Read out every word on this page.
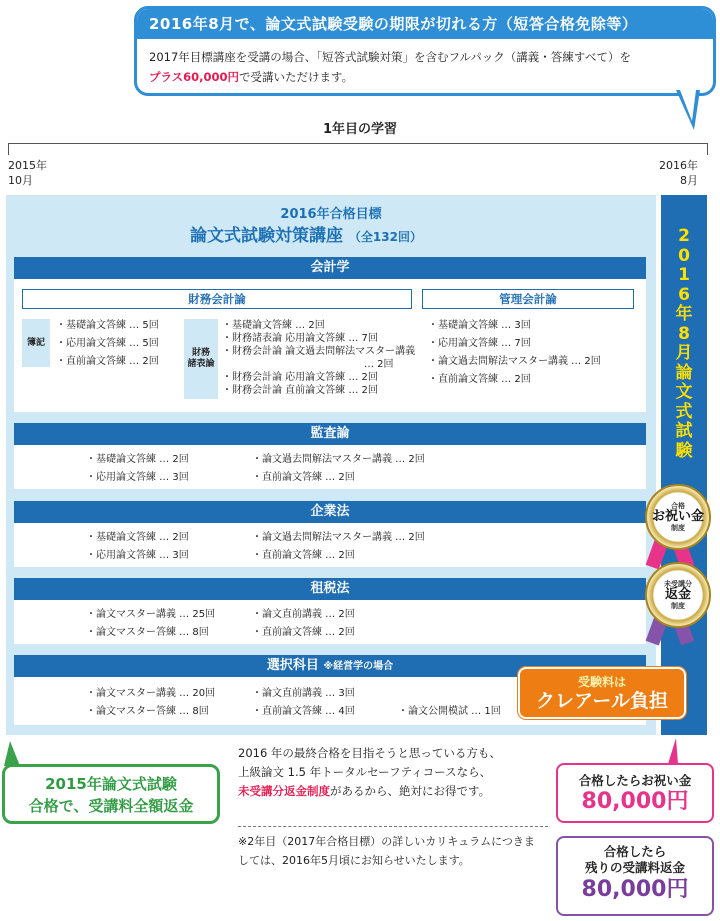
2016年8月で、論文式試験受験の期限が切れる方（短答合格免除等）
2017年目標講座を受講の場合、「短答式試験対策」を含むフルパック（講義・答練すべて）を
プラス60,000円で受講いただけます。
1年目の学習
2015年
10月
2016年
8月
2016年合格目標
論文式試験対策講座 （全132回）
会計学
財務会計論	管理会計論
簿記
・基礎論文答練 … 5回
・応用論文答練 … 5回
・直前論文答練 … 2回
財務
諸表論
・基礎論文答練 … 2回
・財務諸表論 応用論文答練 … 7回
・財務会計論 論文過去問解法マスター講義
… 2回
・財務会計論 応用論文答練 … 2回
・財務会計論 直前論文答練 … 2回
・基礎論文答練 … 3回
・応用論文答練 … 7回
・論文過去問解法マスター講義 … 2回
・直前論文答練 … 2回
監査論
・基礎論文答練 … 2回
・応用論文答練 … 3回
・論文過去問解法マスター講義 … 2回
・直前論文答練 … 2回
企業法
・基礎論文答練 … 2回
・応用論文答練 … 3回
・論文過去問解法マスター講義 … 2回
・直前論文答練 … 2回
租税法
・論文マスター講義 … 25回
・論文マスター答練 … 8回
・論文直前講義 … 2回
・直前論文答練 … 2回
選択科目 ※経営学の場合
・論文マスター講義 … 20回
・論文マスター答練 … 8回
・論文直前講義 … 3回
・直前論文答練 … 4回	・論文公開模試 … 1回
2
0
1
6
年
8
月
論
文
式
試
験
合格
お祝い金
制度
未受講分
返金
制度
受験料は
クレアール負担
2015年論文式試験
合格で、受講料全額返金
2016 年の最終合格を目指そうと思っている方も、
上級論文 1.5 年トータルセーフティコースなら、
未受講分返金制度があるから、絶対にお得です。
※2年目（2017年合格目標）の詳しいカリキュラムにつきましては、2016年5月頃にお知らせいたします。
合格したらお祝い金
80,000円
合格したら
残りの受講料返金
80,000円
